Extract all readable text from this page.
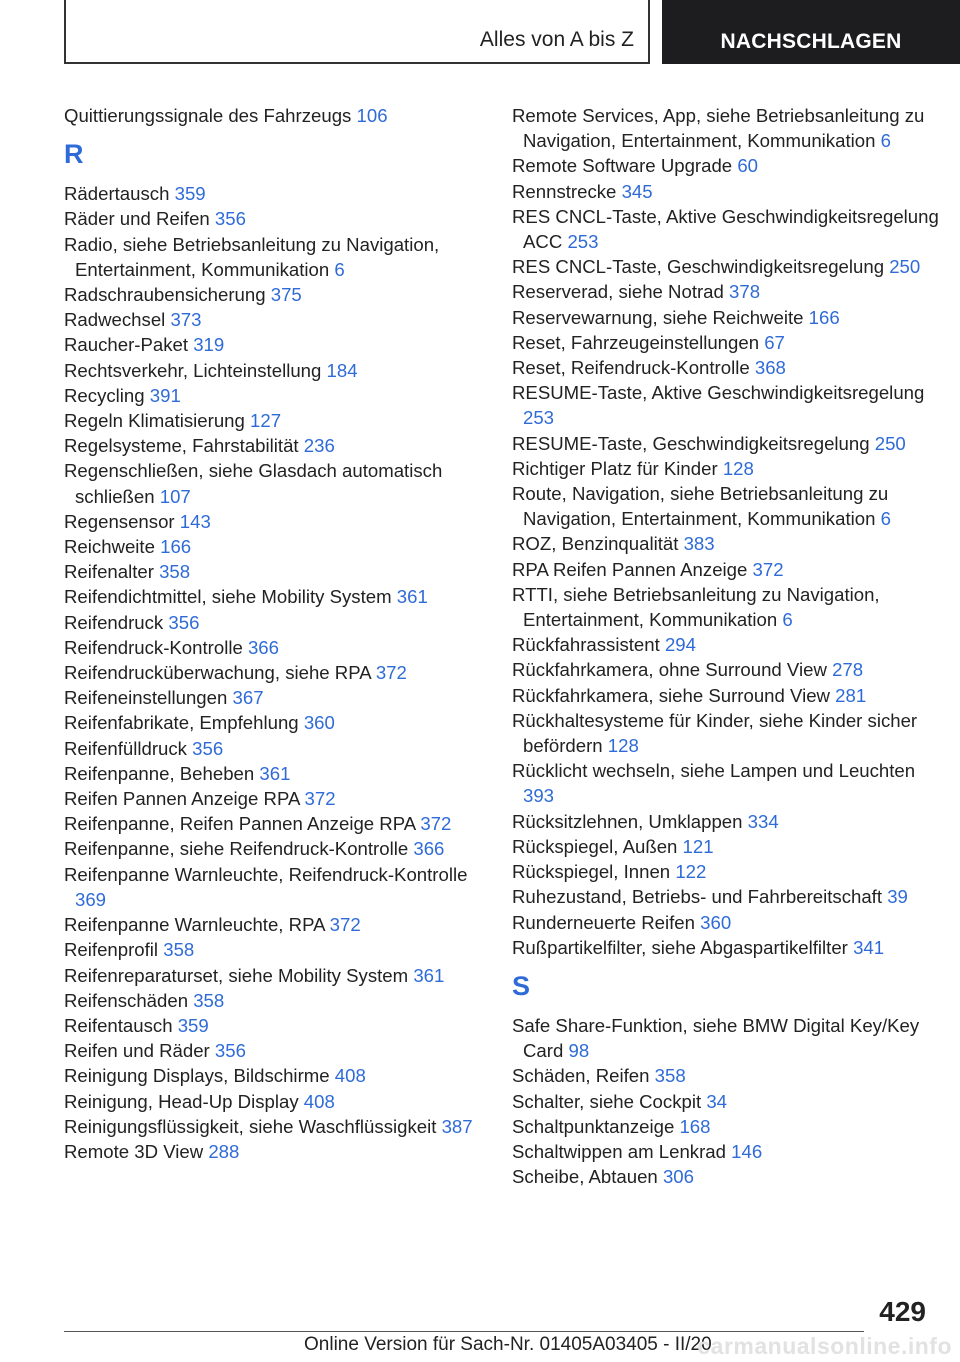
Alles von A bis Z	NACHSCHLAGEN
Quittierungssignale des Fahrzeugs 106
R
Rädertausch 359
Räder und Reifen 356
Radio, siehe Betriebsanleitung zu Navigation, Entertainment, Kommunikation 6
Radschraubensicherung 375
Radwechsel 373
Raucher-Paket 319
Rechtsverkehr, Lichteinstellung 184
Recycling 391
Regeln Klimatisierung 127
Regelsysteme, Fahrstabilität 236
Regenschließen, siehe Glasdach automatisch schließen 107
Regensensor 143
Reichweite 166
Reifenalter 358
Reifendichtmittel, siehe Mobility System 361
Reifendruck 356
Reifendruck-Kontrolle 366
Reifendrucküberwachung, siehe RPA 372
Reifeneinstellungen 367
Reifenfabrikate, Empfehlung 360
Reifenfülldruck 356
Reifenpanne, Beheben 361
Reifen Pannen Anzeige RPA 372
Reifenpanne, Reifen Pannen Anzeige RPA 372
Reifenpanne, siehe Reifendruck-Kontrolle 366
Reifenpanne Warnleuchte, Reifendruck-Kontrolle 369
Reifenpanne Warnleuchte, RPA 372
Reifenprofil 358
Reifenreparaturset, siehe Mobility System 361
Reifenschäden 358
Reifentausch 359
Reifen und Räder 356
Reinigung Displays, Bildschirme 408
Reinigung, Head-Up Display 408
Reinigungsflüssigkeit, siehe Waschflüssigkeit 387
Remote 3D View 288
Remote Services, App, siehe Betriebsanleitung zu Navigation, Entertainment, Kommunikation 6
Remote Software Upgrade 60
Rennstrecke 345
RES CNCL-Taste, Aktive Geschwindigkeitsregelung ACC 253
RES CNCL-Taste, Geschwindigkeitsregelung 250
Reserverad, siehe Notrad 378
Reservewarnung, siehe Reichweite 166
Reset, Fahrzeugeinstellungen 67
Reset, Reifendruck-Kontrolle 368
RESUME-Taste, Aktive Geschwindigkeitsregelung 253
RESUME-Taste, Geschwindigkeitsregelung 250
Richtiger Platz für Kinder 128
Route, Navigation, siehe Betriebsanleitung zu Navigation, Entertainment, Kommunikation 6
ROZ, Benzinqualität 383
RPA Reifen Pannen Anzeige 372
RTTI, siehe Betriebsanleitung zu Navigation, Entertainment, Kommunikation 6
Rückfahrassistent 294
Rückfahrkamera, ohne Surround View 278
Rückfahrkamera, siehe Surround View 281
Rückhaltesysteme für Kinder, siehe Kinder sicher befördern 128
Rücklicht wechseln, siehe Lampen und Leuchten 393
Rücksitzlehnen, Umklappen 334
Rückspiegel, Außen 121
Rückspiegel, Innen 122
Ruhezustand, Betriebs- und Fahrbereitschaft 39
Runderneuerte Reifen 360
Rußpartikelfilter, siehe Abgaspartikelfilter 341
S
Safe Share-Funktion, siehe BMW Digital Key/Key Card 98
Schäden, Reifen 358
Schalter, siehe Cockpit 34
Schaltpunktanzeige 168
Schaltwippen am Lenkrad 146
Scheibe, Abtauen 306
429
Online Version für Sach-Nr. 01405A03405 - II/20
carmanualsonline.info
